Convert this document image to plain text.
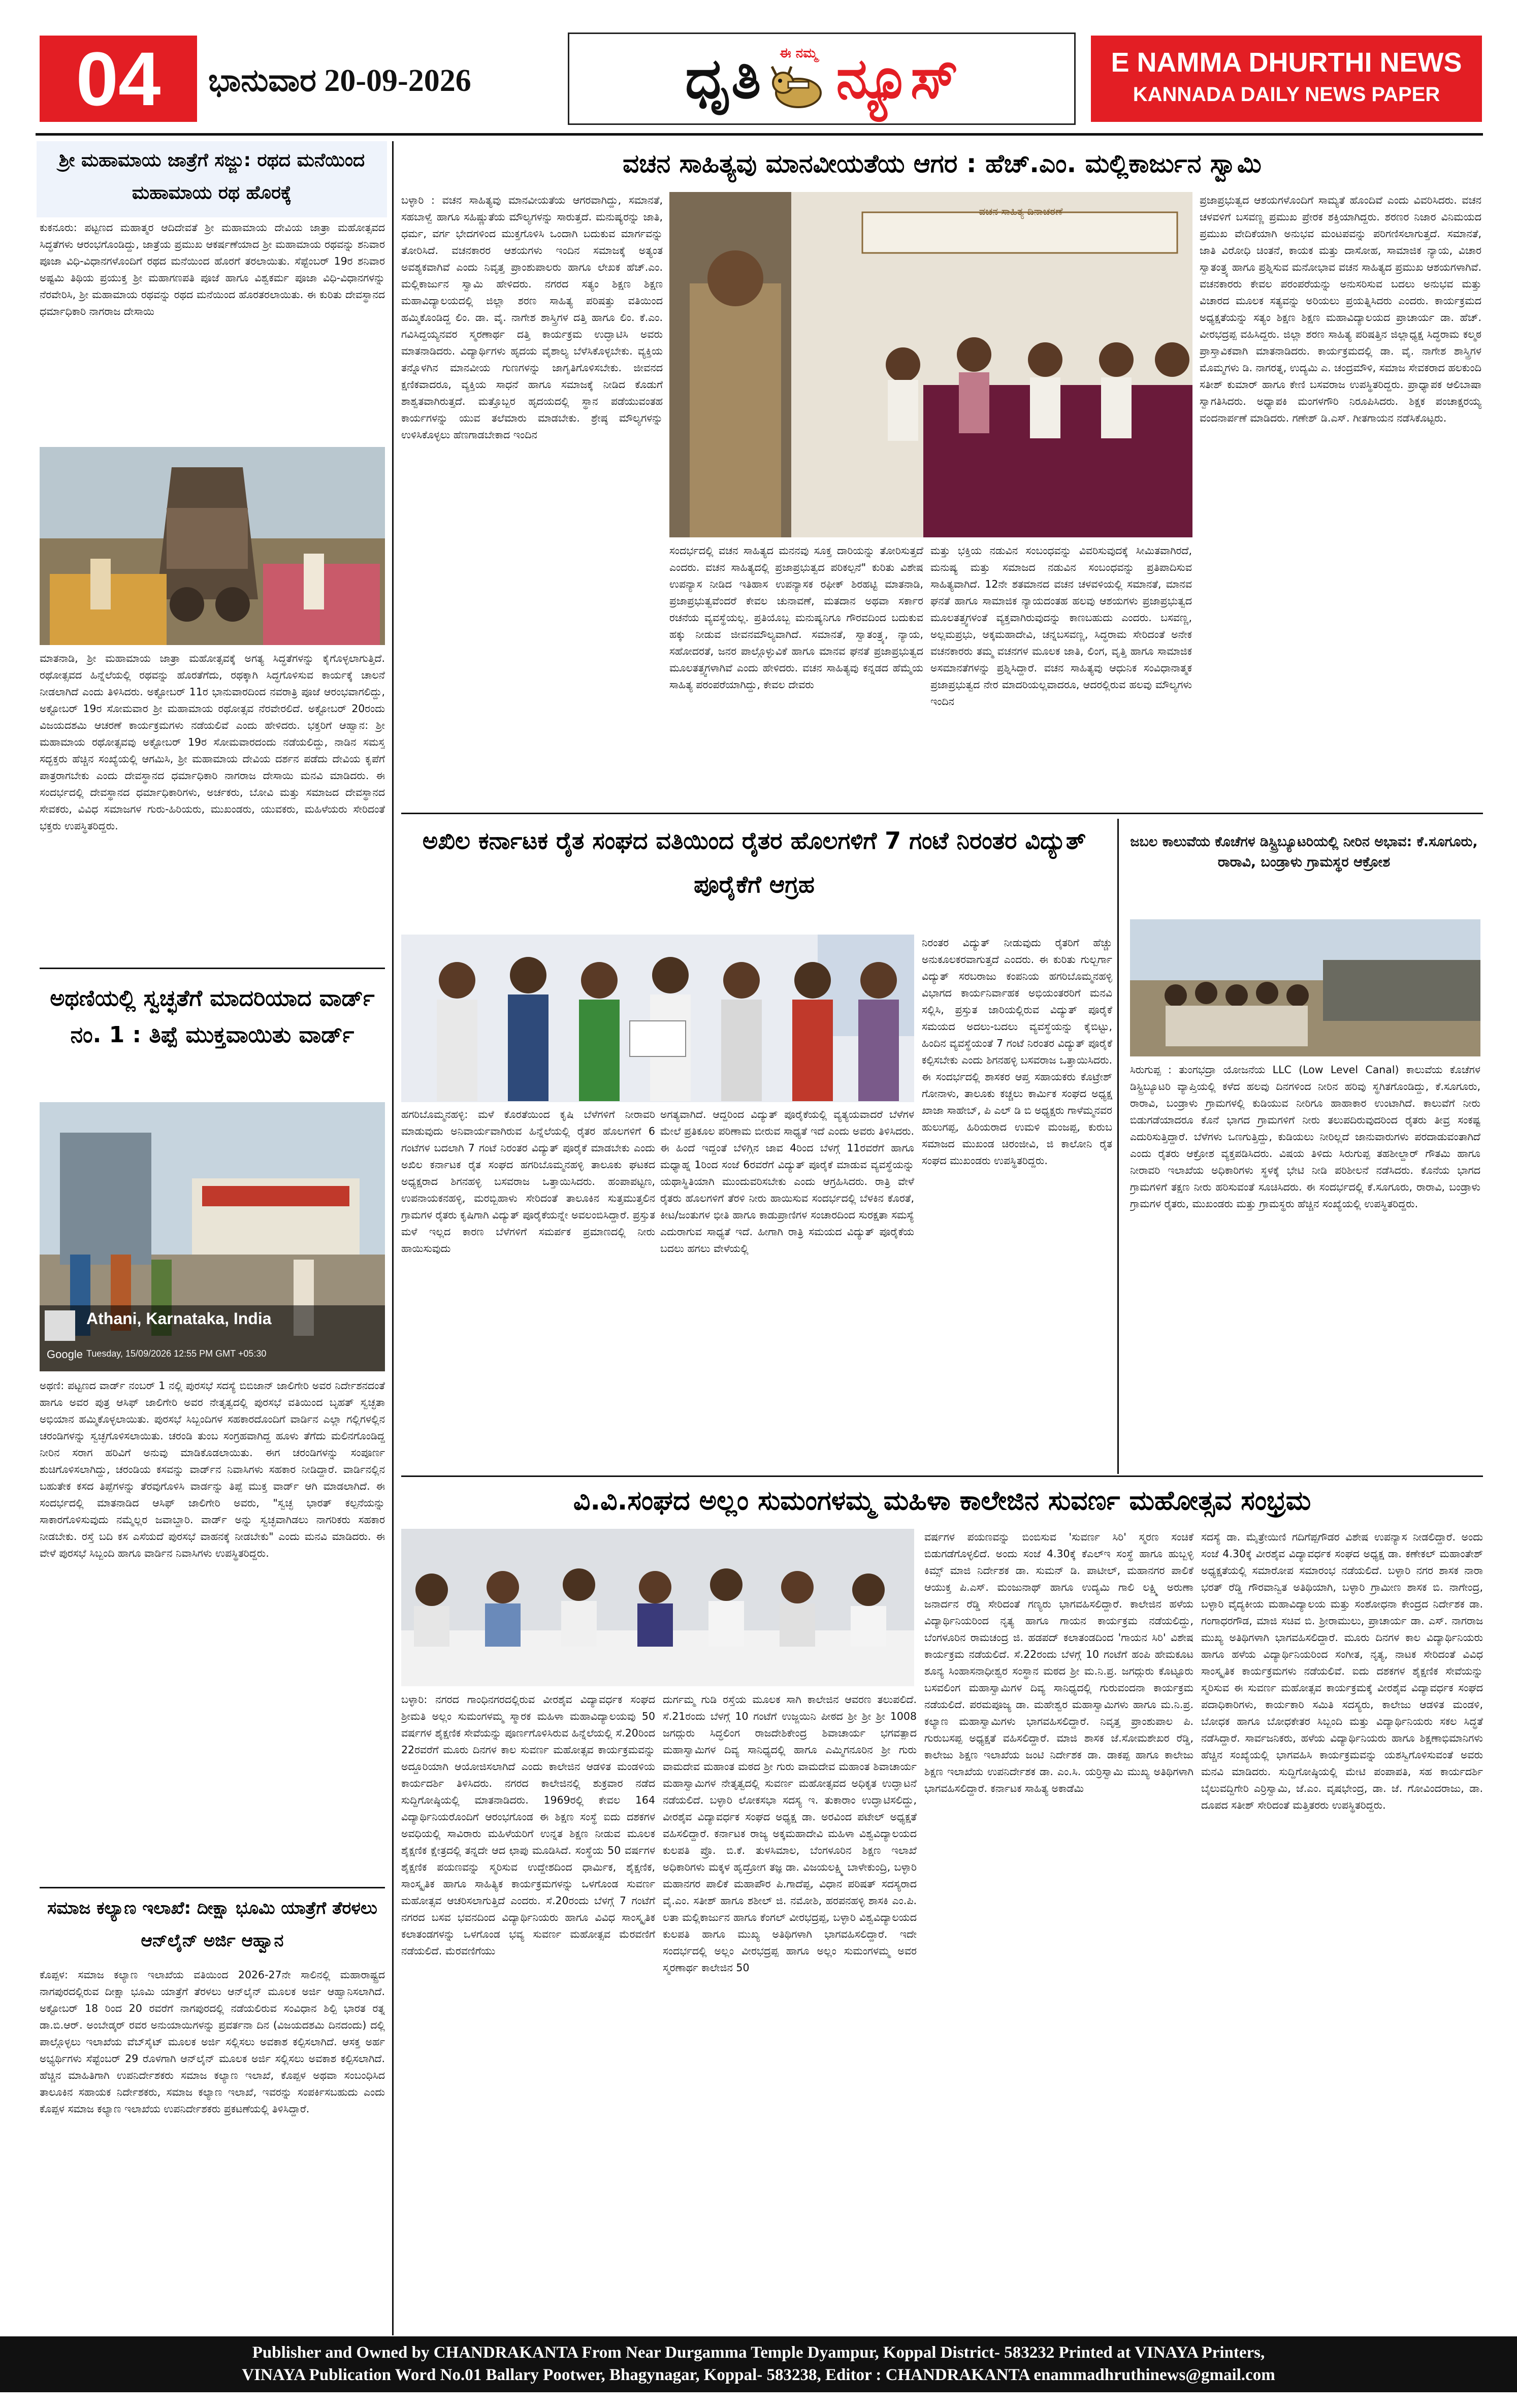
04	ಭಾನುವಾರ 20-09-2026	ಧೃತಿ ಈ ನಮ್ಮ ನ್ಯೂಸ್	E NAMMA DHURTHI NEWS
KANNADA DAILY NEWS PAPER
ಶ್ರೀ ಮಹಾಮಾಯ ಜಾತ್ರೆಗೆ ಸಜ್ಜು: ರಥದ ಮನೆಯಿಂದ ಮಹಾಮಾಯ ರಥ ಹೊರಕ್ಕೆ
ಕುಕನೂರು: ಪಟ್ಟಣದ ಮಹಾತ್ಮರ ಆದಿದೇವತೆ ಶ್ರೀ ಮಹಾಮಾಯ ದೇವಿಯ ಜಾತ್ರಾ ಮಹೋತ್ಸವದ ಸಿದ್ಧತೆಗಳು ಆರಂಭಗೊಂಡಿದ್ದು, ಜಾತ್ರೆಯ ಪ್ರಮುಖ ಆಕರ್ಷಣೆಯಾದ ಶ್ರೀ ಮಹಾಮಾಯ ರಥವನ್ನು ಶನಿವಾರ ಪೂಜಾ ವಿಧಿ-ವಿಧಾನಗಳೊಂದಿಗೆ ರಥದ ಮನೆಯಿಂದ ಹೊರಗೆ ತರಲಾಯಿತು. ಸೆಪ್ಟೆಂಬರ್ 19ರ ಶನಿವಾರ ಅಷ್ಟಮಿ ತಿಥಿಯ ಪ್ರಯುಕ್ತ ಶ್ರೀ ಮಹಾಗಣಪತಿ ಪೂಜೆ ಹಾಗೂ ವಿಶ್ವಕರ್ಮ ಪೂಜಾ ವಿಧಿ-ವಿಧಾನಗಳನ್ನು ನೆರವೇರಿಸಿ, ಶ್ರೀ ಮಹಾಮಾಯ ರಥವನ್ನು ರಥದ ಮನೆಯಿಂದ ಹೊರತರಲಾಯಿತು. ಈ ಕುರಿತು ದೇವಸ್ಥಾನದ ಧರ್ಮಾಧಿಕಾರಿ ನಾಗರಾಜ ದೇಸಾಯಿ
ಮಾತನಾಡಿ, ಶ್ರೀ ಮಹಾಮಾಯ ಜಾತ್ರಾ ಮಹೋತ್ಸವಕ್ಕೆ ಅಗತ್ಯ ಸಿದ್ಧತೆಗಳನ್ನು ಕೈಗೊಳ್ಳಲಾಗುತ್ತಿದೆ. ರಥೋತ್ಸವದ ಹಿನ್ನೆಲೆಯಲ್ಲಿ ರಥವನ್ನು ಹೊರತೆಗೆದು, ರಥಕ್ಕಾಗಿ ಸಿದ್ಧಗೊಳಿಸುವ ಕಾರ್ಯಕ್ಕೆ ಚಾಲನೆ ನೀಡಲಾಗಿದೆ ಎಂದು ತಿಳಿಸಿದರು. ಅಕ್ಟೋಬರ್ 11ರ ಭಾನುವಾರದಿಂದ ನವರಾತ್ರಿ ಪೂಜೆ ಆರಂಭವಾಗಲಿದ್ದು, ಅಕ್ಟೋಬರ್ 19ರ ಸೋಮವಾರ ಶ್ರೀ ಮಹಾಮಾಯ ರಥೋತ್ಸವ ನೆರವೇರಲಿದೆ. ಅಕ್ಟೋಬರ್ 20ರಂದು ವಿಜಯದಶಮಿ ಆಚರಣೆ ಕಾರ್ಯಕ್ರಮಗಳು ನಡೆಯಲಿವೆ ಎಂದು ಹೇಳಿದರು. ಭಕ್ತರಿಗೆ ಆಹ್ವಾನ: ಶ್ರೀ ಮಹಾಮಾಯ ರಥೋತ್ಸವವು ಅಕ್ಟೋಬರ್ 19ರ ಸೋಮವಾರದಂದು ನಡೆಯಲಿದ್ದು, ನಾಡಿನ ಸಮಸ್ತ ಸದ್ಭಕ್ತರು ಹೆಚ್ಚಿನ ಸಂಖ್ಯೆಯಲ್ಲಿ ಆಗಮಿಸಿ, ಶ್ರೀ ಮಹಾಮಾಯ ದೇವಿಯ ದರ್ಶನ ಪಡೆದು ದೇವಿಯ ಕೃಪೆಗೆ ಪಾತ್ರರಾಗಬೇಕು ಎಂದು ದೇವಸ್ಥಾನದ ಧರ್ಮಾಧಿಕಾರಿ ನಾಗರಾಜ ದೇಸಾಯಿ ಮನವಿ ಮಾಡಿದರು. ಈ ಸಂದರ್ಭದಲ್ಲಿ ದೇವಸ್ಥಾನದ ಧರ್ಮಾಧಿಕಾರಿಗಳು, ಅರ್ಚಕರು, ಬೋವಿ ಮತ್ತು ಸಮಾಜದ ದೇವಸ್ಥಾನದ ಸೇವಕರು, ವಿವಿಧ ಸಮಾಜಗಳ ಗುರು-ಹಿರಿಯರು, ಮುಖಂಡರು, ಯುವಕರು, ಮಹಿಳೆಯರು ಸೇರಿದಂತೆ ಭಕ್ತರು ಉಪಸ್ಥಿತರಿದ್ದರು.
ಅಥಣಿಯಲ್ಲಿ ಸ್ವಚ್ಛತೆಗೆ ಮಾದರಿಯಾದ ವಾರ್ಡ್ ನಂ. 1 : ತಿಪ್ಪೆ ಮುಕ್ತವಾಯಿತು ವಾರ್ಡ್
Athani, Karnataka, India
Tuesday, 15/09/2026 12:55 PM GMT +05:30
Google
ಅಥಣಿ: ಪಟ್ಟಣದ ವಾರ್ಡ್ ನಂಬರ್ 1 ನಲ್ಲಿ ಪುರಸಭೆ ಸದಸ್ಯೆ ಬಿಬಿಜಾನ್ ಜಾಲಿಗೇರಿ ಅವರ ನಿರ್ದೇಶನದಂತೆ ಹಾಗೂ ಅವರ ಪುತ್ರ ಆಸಿಫ್ ಜಾಲಿಗೇರಿ ಅವರ ನೇತೃತ್ವದಲ್ಲಿ ಪುರಸಭೆ ವತಿಯಿಂದ ಬೃಹತ್ ಸ್ವಚ್ಛತಾ ಅಭಿಯಾನ ಹಮ್ಮಿಕೊಳ್ಳಲಾಯಿತು. ಪುರಸಭೆ ಸಿಬ್ಬಂದಿಗಳ ಸಹಕಾರದೊಂದಿಗೆ ವಾರ್ಡಿನ ಎಲ್ಲಾ ಗಲ್ಲಿಗಳಲ್ಲಿನ ಚರಂಡಿಗಳನ್ನು ಸ್ವಚ್ಛಗೊಳಿಸಲಾಯಿತು. ಚರಂಡಿ ತುಂಬ ಸಂಗ್ರಹವಾಗಿದ್ದ ಹೂಳು ತೆಗೆದು ಮಲಿನಗೊಂಡಿದ್ದ ನೀರಿನ ಸರಾಗ ಹರಿವಿಗೆ ಅನುವು ಮಾಡಿಕೊಡಲಾಯಿತು. ಈಗ ಚರಂಡಿಗಳನ್ನು ಸಂಪೂರ್ಣ ಶುಚಿಗೊಳಿಸಲಾಗಿದ್ದು, ಚರಂಡಿಯ ಕಸವನ್ನು ವಾರ್ಡ್‌ನ ನಿವಾಸಿಗಳು ಸಹಕಾರ ನೀಡಿದ್ದಾರೆ. ವಾರ್ಡಿನಲ್ಲಿನ ಬಹುತೇಕ ಕಸದ ತಿಪ್ಪೆಗಳನ್ನು ತೆರವುಗೊಳಿಸಿ ವಾರ್ಡನ್ನು ತಿಪ್ಪೆ ಮುಕ್ತ ವಾರ್ಡ್ ಆಗಿ ಮಾಡಲಾಗಿದೆ. ಈ ಸಂದರ್ಭದಲ್ಲಿ ಮಾತನಾಡಿದ ಆಸಿಫ್ ಜಾಲಿಗೇರಿ ಅವರು, "ಸ್ವಚ್ಛ ಭಾರತ್ ಕಲ್ಪನೆಯನ್ನು ಸಾಕಾರಗೊಳಿಸುವುದು ನಮ್ಮೆಲ್ಲರ ಜವಾಬ್ದಾರಿ. ವಾರ್ಡ್ ಅನ್ನು ಸ್ವಚ್ಛವಾಗಿಡಲು ನಾಗರಿಕರು ಸಹಕಾರ ನೀಡಬೇಕು. ರಸ್ತೆ ಬದಿ ಕಸ ಎಸೆಯದೆ ಪುರಸಭೆ ವಾಹನಕ್ಕೆ ನೀಡಬೇಕು" ಎಂದು ಮನವಿ ಮಾಡಿದರು. ಈ ವೇಳೆ ಪುರಸಭೆ ಸಿಬ್ಬಂದಿ ಹಾಗೂ ವಾರ್ಡಿನ ನಿವಾಸಿಗಳು ಉಪಸ್ಥಿತರಿದ್ದರು.
ಸಮಾಜ ಕಲ್ಯಾಣ ಇಲಾಖೆ: ದೀಕ್ಷಾ ಭೂಮಿ ಯಾತ್ರೆಗೆ ತೆರಳಲು ಆನ್‌ಲೈನ್ ಅರ್ಜಿ ಆಹ್ವಾನ
ಕೊಪ್ಪಳ: ಸಮಾಜ ಕಲ್ಯಾಣ ಇಲಾಖೆಯ ವತಿಯಿಂದ 2026-27ನೇ ಸಾಲಿನಲ್ಲಿ ಮಹಾರಾಷ್ಟ್ರದ ನಾಗಪುರದಲ್ಲಿರುವ ದೀಕ್ಷಾ ಭೂಮಿ ಯಾತ್ರೆಗೆ ತೆರಳಲು ಆನ್‌ಲೈನ್ ಮೂಲಕ ಅರ್ಜಿ ಆಹ್ವಾನಿಸಲಾಗಿದೆ. ಅಕ್ಟೋಬರ್ 18 ರಿಂದ 20 ರವರೆಗೆ ನಾಗಪುರದಲ್ಲಿ ನಡೆಯಲಿರುವ ಸಂವಿಧಾನ ಶಿಲ್ಪಿ ಭಾರತ ರತ್ನ ಡಾ.ಬಿ.ಆರ್. ಅಂಬೇಡ್ಕರ್ ರವರ ಅನುಯಾಯಿಗಳನ್ನು ಪ್ರವರ್ತನಾ ದಿನ (ವಿಜಯದಶಮಿ ದಿನದಂದು) ದಲ್ಲಿ ಪಾಲ್ಗೊಳ್ಳಲು ಇಲಾಖೆಯ ವೆಬ್‌ಸೈಟ್ ಮೂಲಕ ಅರ್ಜಿ ಸಲ್ಲಿಸಲು ಅವಕಾಶ ಕಲ್ಪಿಸಲಾಗಿದೆ. ಆಸಕ್ತ ಅರ್ಹ ಅಭ್ಯರ್ಥಿಗಳು ಸೆಪ್ಟೆಂಬರ್ 29 ರೊಳಗಾಗಿ ಆನ್‌ಲೈನ್ ಮೂಲಕ ಅರ್ಜಿ ಸಲ್ಲಿಸಲು ಅವಕಾಶ ಕಲ್ಪಿಸಲಾಗಿದೆ. ಹೆಚ್ಚಿನ ಮಾಹಿತಿಗಾಗಿ ಉಪನಿರ್ದೇಶಕರು ಸಮಾಜ ಕಲ್ಯಾಣ ಇಲಾಖೆ, ಕೊಪ್ಪಳ ಅಥವಾ ಸಂಬಂಧಿಸಿದ ತಾಲೂಕಿನ ಸಹಾಯಕ ನಿರ್ದೇಶಕರು, ಸಮಾಜ ಕಲ್ಯಾಣ ಇಲಾಖೆ, ಇವರನ್ನು ಸಂಪರ್ಕಿಸಬಹುದು ಎಂದು ಕೊಪ್ಪಳ ಸಮಾಜ ಕಲ್ಯಾಣ ಇಲಾಖೆಯ ಉಪನಿರ್ದೇಶಕರು ಪ್ರಕಟಣೆಯಲ್ಲಿ ತಿಳಿಸಿದ್ದಾರೆ.
ವಚನ ಸಾಹಿತ್ಯವು ಮಾನವೀಯತೆಯ ಆಗರ : ಹೆಚ್.ಎಂ. ಮಲ್ಲಿಕಾರ್ಜುನ ಸ್ವಾಮಿ
ಬಳ್ಳಾರಿ : ವಚನ ಸಾಹಿತ್ಯವು ಮಾನವೀಯತೆಯ ಆಗರವಾಗಿದ್ದು, ಸಮಾನತೆ, ಸಹಬಾಳ್ವೆ ಹಾಗೂ ಸಹಿಷ್ಣುತೆಯ ಮೌಲ್ಯಗಳನ್ನು ಸಾರುತ್ತದೆ. ಮನುಷ್ಯರನ್ನು ಜಾತಿ, ಧರ್ಮ, ವರ್ಗ ಭೇದಗಳಿಂದ ಮುಕ್ತಗೊಳಿಸಿ ಒಂದಾಗಿ ಬದುಕುವ ಮಾರ್ಗವನ್ನು ತೋರಿಸಿದೆ. ವಚನಕಾರರ ಆಶಯಗಳು ಇಂದಿನ ಸಮಾಜಕ್ಕೆ ಅತ್ಯಂತ ಅವಶ್ಯಕವಾಗಿವೆ ಎಂದು ನಿವೃತ್ತ ಪ್ರಾಂಶುಪಾಲರು ಹಾಗೂ ಲೇಖಕ ಹೆಚ್.ಎಂ. ಮಲ್ಲಿಕಾರ್ಜುನ ಸ್ವಾಮಿ ಹೇಳಿದರು. ನಗರದ ಸತ್ಯಂ ಶಿಕ್ಷಣ ಶಿಕ್ಷಣ ಮಹಾವಿದ್ಯಾಲಯದಲ್ಲಿ ಜಿಲ್ಲಾ ಶರಣ ಸಾಹಿತ್ಯ ಪರಿಷತ್ತು ವತಿಯಿಂದ ಹಮ್ಮಿಕೊಂಡಿದ್ದ ಲಿಂ. ಡಾ. ವೈ. ನಾಗೇಶ ಶಾಸ್ತ್ರಿಗಳ ದತ್ತಿ ಹಾಗೂ ಲಿಂ. ಕೆ.ಎಂ. ಗವಿಸಿದ್ದಯ್ಯನವರ ಸ್ಮರಣಾರ್ಥ ದತ್ತಿ ಕಾರ್ಯಕ್ರಮ ಉದ್ಘಾಟಿಸಿ ಅವರು ಮಾತನಾಡಿದರು. ವಿದ್ಯಾರ್ಥಿಗಳು ಹೃದಯ ವೈಶಾಲ್ಯ ಬೆಳೆಸಿಕೊಳ್ಳಬೇಕು. ವ್ಯಕ್ತಿಯ ತನ್ನೊಳಗಿನ ಮಾನವೀಯ ಗುಣಗಳನ್ನು ಜಾಗೃತಿಗೊಳಿಸಬೇಕು. ಜೀವನದ ಕ್ಷಣಿಕವಾದರೂ, ವ್ಯಕ್ತಿಯ ಸಾಧನೆ ಹಾಗೂ ಸಮಾಜಕ್ಕೆ ನೀಡಿದ ಕೊಡುಗೆ ಶಾಶ್ವತವಾಗಿರುತ್ತದೆ. ಮತ್ತೊಬ್ಬರ ಹೃದಯದಲ್ಲಿ ಸ್ಥಾನ ಪಡೆಯುವಂತಹ ಕಾರ್ಯಗಳನ್ನು ಯುವ ತಲೆಮಾರು ಮಾಡಬೇಕು. ಶ್ರೇಷ್ಠ ಮೌಲ್ಯಗಳನ್ನು ಉಳಿಸಿಕೊಳ್ಳಲು ಹೆಣಗಾಡಬೇಕಾದ ಇಂದಿನ
ವಚನ ಸಾಹಿತ್ಯ ದಿನಾಚರಣೆ
ಸಂದರ್ಭದಲ್ಲಿ ವಚನ ಸಾಹಿತ್ಯದ ಮನನವು ಸೂಕ್ತ ದಾರಿಯನ್ನು ತೋರಿಸುತ್ತದೆ ಎಂದರು. ವಚನ ಸಾಹಿತ್ಯದಲ್ಲಿ ಪ್ರಜಾಪ್ರಭುತ್ವದ ಪರಿಕಲ್ಪನೆ" ಕುರಿತು ವಿಶೇಷ ಉಪನ್ಯಾಸ ನೀಡಿದ ಇತಿಹಾಸ ಉಪನ್ಯಾಸಕ ರಫೀಕ್ ಶಿರಹಟ್ಟಿ ಮಾತನಾಡಿ, ಪ್ರಜಾಪ್ರಭುತ್ವವೆಂದರೆ ಕೇವಲ ಚುನಾವಣೆ, ಮತದಾನ ಅಥವಾ ಸರ್ಕಾರ ರಚನೆಯ ವ್ಯವಸ್ಥೆಯಲ್ಲ. ಪ್ರತಿಯೊಬ್ಬ ಮನುಷ್ಯನಿಗೂ ಗೌರವದಿಂದ ಬದುಕುವ ಹಕ್ಕು ನೀಡುವ ಜೀವನಮೌಲ್ಯವಾಗಿದೆ. ಸಮಾನತೆ, ಸ್ವಾತಂತ್ರ್ಯ, ನ್ಯಾಯ, ಸಹೋದರತೆ, ಜನರ ಪಾಲ್ಗೊಳ್ಳುವಿಕೆ ಹಾಗೂ ಮಾನವ ಘನತೆ ಪ್ರಜಾಪ್ರಭುತ್ವದ ಮೂಲತತ್ತ್ವಗಳಾಗಿವೆ ಎಂದು ಹೇಳಿದರು. ವಚನ ಸಾಹಿತ್ಯವು ಕನ್ನಡದ ಹೆಮ್ಮೆಯ ಸಾಹಿತ್ಯ ಪರಂಪರೆಯಾಗಿದ್ದು, ಕೇವಲ ದೇವರು
ಮತ್ತು ಭಕ್ತಿಯ ನಡುವಿನ ಸಂಬಂಧವನ್ನು ವಿವರಿಸುವುದಕ್ಕೆ ಸೀಮಿತವಾಗಿರದೆ, ಮನುಷ್ಯ ಮತ್ತು ಸಮಾಜದ ನಡುವಿನ ಸಂಬಂಧವನ್ನು ಪ್ರತಿಪಾದಿಸುವ ಸಾಹಿತ್ಯವಾಗಿದೆ. 12ನೇ ಶತಮಾನದ ವಚನ ಚಳವಳಿಯಲ್ಲಿ ಸಮಾನತೆ, ಮಾನವ ಘನತೆ ಹಾಗೂ ಸಾಮಾಜಿಕ ನ್ಯಾಯದಂತಹ ಹಲವು ಆಶಯಗಳು ಪ್ರಜಾಪ್ರಭುತ್ವದ ಮೂಲತತ್ತ್ವಗಳಂತೆ ವ್ಯಕ್ತವಾಗಿರುವುದನ್ನು ಕಾಣಬಹುದು ಎಂದರು. ಬಸವಣ್ಣ, ಅಲ್ಲಮಪ್ರಭು, ಅಕ್ಕಮಹಾದೇವಿ, ಚನ್ನಬಸವಣ್ಣ, ಸಿದ್ಧರಾಮ ಸೇರಿದಂತೆ ಅನೇಕ ವಚನಕಾರರು ತಮ್ಮ ವಚನಗಳ ಮೂಲಕ ಜಾತಿ, ಲಿಂಗ, ವೃತ್ತಿ ಹಾಗೂ ಸಾಮಾಜಿಕ ಅಸಮಾನತೆಗಳನ್ನು ಪ್ರಶ್ನಿಸಿದ್ದಾರೆ. ವಚನ ಸಾಹಿತ್ಯವು ಆಧುನಿಕ ಸಂವಿಧಾನಾತ್ಮಕ ಪ್ರಜಾಪ್ರಭುತ್ವದ ನೇರ ಮಾದರಿಯಲ್ಲವಾದರೂ, ಆದರಲ್ಲಿರುವ ಹಲವು ಮೌಲ್ಯಗಳು ಇಂದಿನ
ಪ್ರಜಾಪ್ರಭುತ್ವದ ಆಶಯಗಳೊಂದಿಗೆ ಸಾಮ್ಯತೆ ಹೊಂದಿವೆ ಎಂದು ವಿವರಿಸಿದರು. ವಚನ ಚಳವಳಿಗೆ ಬಸವಣ್ಣ ಪ್ರಮುಖ ಪ್ರೇರಕ ಶಕ್ತಿಯಾಗಿದ್ದರು. ಶರಣರ ನಿಜಾರ ವಿನಿಮಯದ ಪ್ರಮುಖ ವೇದಿಕೆಯಾಗಿ ಅನುಭವ ಮಂಟಪವನ್ನು ಪರಿಗಣಿಸಲಾಗುತ್ತದೆ. ಸಮಾನತೆ, ಜಾತಿ ವಿರೋಧಿ ಚಿಂತನೆ, ಕಾಯಕ ಮತ್ತು ದಾಸೋಹ, ಸಾಮಾಜಿಕ ನ್ಯಾಯ, ವಿಚಾರ ಸ್ವಾತಂತ್ರ್ಯ ಹಾಗೂ ಪ್ರಶ್ನಿಸುವ ಮನೋಭಾವ ವಚನ ಸಾಹಿತ್ಯದ ಪ್ರಮುಖ ಆಶಯಗಳಾಗಿವೆ. ವಚನಕಾರರು ಕೇವಲ ಪರಂಪರೆಯನ್ನು ಅನುಸರಿಸುವ ಬದಲು ಅನುಭವ ಮತ್ತು ವಿಚಾರದ ಮೂಲಕ ಸತ್ಯವನ್ನು ಅರಿಯಲು ಪ್ರಯತ್ನಿಸಿದರು ಎಂದರು. ಕಾರ್ಯಕ್ರಮದ ಅಧ್ಯಕ್ಷತೆಯನ್ನು ಸತ್ಯಂ ಶಿಕ್ಷಣ ಶಿಕ್ಷಣ ಮಹಾವಿದ್ಯಾಲಯದ ಪ್ರಾಚಾರ್ಯ ಡಾ. ಹೆಚ್. ವೀರಭದ್ರಪ್ಪ ವಹಿಸಿದ್ದರು. ಜಿಲ್ಲಾ ಶರಣ ಸಾಹಿತ್ಯ ಪರಿಷತ್ತಿನ ಜಿಲ್ಲಾಧ್ಯಕ್ಷ ಸಿದ್ಧರಾಮ ಕಲ್ಮಠ ಪ್ರಾಸ್ತಾವಿಕವಾಗಿ ಮಾತನಾಡಿದರು. ಕಾರ್ಯಕ್ರಮದಲ್ಲಿ ಡಾ. ವೈ. ನಾಗೇಶ ಶಾಸ್ತ್ರಿಗಳ ಮೊಮ್ಮಗಳು ಡಿ. ನಾಗರತ್ನ, ಉದ್ಯಮಿ ಎ. ಚಂದ್ರಮೌಳಿ, ಸಮಾಜ ಸೇವಕರಾದ ಹಲಕುಂದಿ ಸತೀಶ್ ಕುಮಾರ್ ಹಾಗೂ ಕೇಣಿ ಬಸವರಾಜ ಉಪಸ್ಥಿತರಿದ್ದರು. ಪ್ರಾಧ್ಯಾಪಕ ಆಲಿಬಾಷಾ ಸ್ವಾಗತಿಸಿದರು. ಅಧ್ಯಾಪಕಿ ಮಂಗಳಗೌರಿ ನಿರೂಪಿಸಿದರು. ಶಿಕ್ಷಕ ಪಂಚಾಕ್ಷರಯ್ಯ ವಂದನಾರ್ಪಣೆ ಮಾಡಿದರು. ಗಣೇಶ್ ಡಿ.ಎಸ್. ಗೀತಗಾಯನ ನಡೆಸಿಕೊಟ್ಟರು.
ಅಖಿಲ ಕರ್ನಾಟಕ ರೈತ ಸಂಘದ ವತಿಯಿಂದ ರೈತರ ಹೊಲಗಳಿಗೆ 7 ಗಂಟೆ ನಿರಂತರ ವಿದ್ಯುತ್ ಪೂರೈಕೆಗೆ ಆಗ್ರಹ
ಹಗರಿಬೊಮ್ಮನಹಳ್ಳಿ: ಮಳೆ ಕೊರತೆಯಿಂದ ಕೃಷಿ ಬೆಳೆಗಳಿಗೆ ನೀರಾವರಿ ಮಾಡುವುದು ಅನಿವಾರ್ಯವಾಗಿರುವ ಹಿನ್ನೆಲೆಯಲ್ಲಿ ರೈತರ ಹೊಲಗಳಿಗೆ 6 ಗಂಟೆಗಳ ಬದಲಾಗಿ 7 ಗಂಟೆ ನಿರಂತರ ವಿದ್ಯುತ್ ಪೂರೈಕೆ ಮಾಡಬೇಕು ಎಂದು ಅಖಿಲ ಕರ್ನಾಟಕ ರೈತ ಸಂಘದ ಹಗರಿಬೊಮ್ಮನಹಳ್ಳಿ ತಾಲೂಕು ಘಟಕದ ಅಧ್ಯಕ್ಷರಾದ ಶಿಗನಹಳ್ಳಿ ಬಸವರಾಜ ಒತ್ತಾಯಿಸಿದರು. ಹಂಪಾಪಟ್ಟಣ, ಉಪನಾಯಕನಹಳ್ಳಿ, ಮರಬ್ಬಿಹಾಳು ಸೇರಿದಂತೆ ತಾಲೂಕಿನ ಸುತ್ತಮುತ್ತಲಿನ ಗ್ರಾಮಗಳ ರೈತರು ಕೃಷಿಗಾಗಿ ವಿದ್ಯುತ್ ಪೂರೈಕೆಯನ್ನೇ ಅವಲಂಬಿಸಿದ್ದಾರೆ. ಪ್ರಸ್ತುತ ಮಳೆ ಇಲ್ಲದ ಕಾರಣ ಬೆಳೆಗಳಿಗೆ ಸಮರ್ಪಕ ಪ್ರಮಾಣದಲ್ಲಿ ನೀರು ಹಾಯಿಸುವುದು
ಅಗತ್ಯವಾಗಿದೆ. ಆದ್ದರಿಂದ ವಿದ್ಯುತ್ ಪೂರೈಕೆಯಲ್ಲಿ ವ್ಯತ್ಯಯವಾದರೆ ಬೆಳೆಗಳ ಮೇಲೆ ಪ್ರತಿಕೂಲ ಪರಿಣಾಮ ಬೀರುವ ಸಾಧ್ಯತೆ ಇದೆ ಎಂದು ಅವರು ತಿಳಿಸಿದರು. ಈ ಹಿಂದೆ ಇದ್ದಂತೆ ಬೆಳಿಗ್ಗಿನ ಜಾವ 4ರಿಂದ ಬೆಳಗ್ಗೆ 11ರವರೆಗೆ ಹಾಗೂ ಮಧ್ಯಾಹ್ನ 1ರಿಂದ ಸಂಜೆ 6ರವರೆಗೆ ವಿದ್ಯುತ್ ಪೂರೈಕೆ ಮಾಡುವ ವ್ಯವಸ್ಥೆಯನ್ನು ಯಥಾಸ್ಥಿತಿಯಾಗಿ ಮುಂದುವರಿಸಬೇಕು ಎಂದು ಆಗ್ರಹಿಸಿದರು. ರಾತ್ರಿ ವೇಳೆ ರೈತರು ಹೊಲಗಳಿಗೆ ತೆರಳಿ ನೀರು ಹಾಯಿಸುವ ಸಂದರ್ಭದಲ್ಲಿ ಬೆಳಕಿನ ಕೊರತೆ, ಕೀಟ/ಜಂತುಗಳ ಭೀತಿ ಹಾಗೂ ಕಾಡುಪ್ರಾಣಿಗಳ ಸಂಚಾರದಿಂದ ಸುರಕ್ಷತಾ ಸಮಸ್ಯೆ ಎದುರಾಗುವ ಸಾಧ್ಯತೆ ಇದೆ. ಹೀಗಾಗಿ ರಾತ್ರಿ ಸಮಯದ ವಿದ್ಯುತ್ ಪೂರೈಕೆಯ ಬದಲು ಹಗಲು ವೇಳೆಯಲ್ಲಿ
ನಿರಂತರ ವಿದ್ಯುತ್ ನೀಡುವುದು ರೈತರಿಗೆ ಹೆಚ್ಚು ಅನುಕೂಲಕರವಾಗುತ್ತದೆ ಎಂದರು. ಈ ಕುರಿತು ಗುಲ್ಬರ್ಗಾ ವಿದ್ಯುತ್ ಸರಬರಾಜು ಕಂಪನಿಯ ಹಗರಿಬೊಮ್ಮನಹಳ್ಳಿ ವಿಭಾಗದ ಕಾರ್ಯನಿರ್ವಾಹಕ ಅಭಿಯಂತರರಿಗೆ ಮನವಿ ಸಲ್ಲಿಸಿ, ಪ್ರಸ್ತುತ ಜಾರಿಯಲ್ಲಿರುವ ವಿದ್ಯುತ್ ಪೂರೈಕೆ ಸಮಯದ ಅದಲು-ಬದಲು ವ್ಯವಸ್ಥೆಯನ್ನು ಕೈಬಿಟ್ಟು, ಹಿಂದಿನ ವ್ಯವಸ್ಥೆಯಂತೆ 7 ಗಂಟೆ ನಿರಂತರ ವಿದ್ಯುತ್ ಪೂರೈಕೆ ಕಲ್ಪಿಸಬೇಕು ಎಂದು ಶಿಗನಹಳ್ಳಿ ಬಸವರಾಜ ಒತ್ತಾಯಿಸಿದರು. ಈ ಸಂದರ್ಭದಲ್ಲಿ ಶಾಸಕರ ಆಪ್ತ ಸಹಾಯಕರು ಕೊಟ್ರೇಶ್ ಗೋನಾಳು, ತಾಲೂಕು ಕಚ್ಚಲು ಕಾರ್ಮಿಕ ಸಂಘದ ಅಧ್ಯಕ್ಷ ಖಾಜಾ ಸಾಹೇಬ್, ಪಿ ಎಲ್ ಡಿ ಬಿ ಅಧ್ಯಕ್ಷರು ಗಾಳೆಮ್ಮನವರ ಹುಲುಗಪ್ಪ, ಹಿರಿಯರಾದ ಉಮಳಿ ಮಂಜಪ್ಪ, ಕುರುಬ ಸಮಾಜದ ಮುಖಂಡ ಚಿರಂಜೀವಿ, ಜಿ ಕಾಲೋನಿ ರೈತ ಸಂಘದ ಮುಖಂಡರು ಉಪಸ್ಥಿತರಿದ್ದರು.
ಜಬಲ ಕಾಲುವೆಯ ಕೊಚೆಗಳ ಡಿಸ್ಟ್ರಿಬ್ಯೂಟರಿಯಲ್ಲಿ ನೀರಿನ ಅಭಾವ: ಕೆ.ಸೂಗೂರು, ರಾರಾವಿ, ಬಂಡ್ರಾಳು ಗ್ರಾಮಸ್ಥರ ಆಕ್ರೋಶ
ಸಿರುಗುಪ್ಪ : ತುಂಗಭದ್ರಾ ಯೋಜನೆಯ LLC (Low Level Canal) ಕಾಲುವೆಯ ಕೊಚೆಗಳ ಡಿಸ್ಟ್ರಿಬ್ಯೂಟರಿ ವ್ಯಾಪ್ತಿಯಲ್ಲಿ ಕಳೆದ ಹಲವು ದಿನಗಳಿಂದ ನೀರಿನ ಹರಿವು ಸ್ಥಗಿತಗೊಂಡಿದ್ದು, ಕೆ.ಸೂಗೂರು, ರಾರಾವಿ, ಬಂಡ್ರಾಳು ಗ್ರಾಮಗಳಲ್ಲಿ ಕುಡಿಯುವ ನೀರಿಗೂ ಹಾಹಾಕಾರ ಉಂಟಾಗಿದೆ. ಕಾಲುವೆಗೆ ನೀರು ಬಿಡುಗಡೆಯಾದರೂ ಕೊನೆ ಭಾಗದ ಗ್ರಾಮಗಳಿಗೆ ನೀರು ತಲುಪದಿರುವುದರಿಂದ ರೈತರು ತೀವ್ರ ಸಂಕಷ್ಟ ಎದುರಿಸುತ್ತಿದ್ದಾರೆ. ಬೆಳೆಗಳು ಒಣಗುತ್ತಿದ್ದು, ಕುಡಿಯಲು ನೀರಿಲ್ಲದೆ ಜಾನುವಾರುಗಳು ಪರದಾಡುವಂತಾಗಿದೆ ಎಂದು ರೈತರು ಆಕ್ರೋಶ ವ್ಯಕ್ತಪಡಿಸಿದರು. ವಿಷಯ ತಿಳಿದು ಸಿರುಗುಪ್ಪ ತಹಶೀಲ್ದಾರ್ ಗೌತಮಿ ಹಾಗೂ ನೀರಾವರಿ ಇಲಾಖೆಯ ಅಧಿಕಾರಿಗಳು ಸ್ಥಳಕ್ಕೆ ಭೇಟಿ ನೀಡಿ ಪರಿಶೀಲನೆ ನಡೆಸಿದರು. ಕೊನೆಯ ಭಾಗದ ಗ್ರಾಮಗಳಿಗೆ ತಕ್ಷಣ ನೀರು ಹರಿಸುವಂತೆ ಸೂಚಿಸಿದರು. ಈ ಸಂದರ್ಭದಲ್ಲಿ ಕೆ.ಸೂಗೂರು, ರಾರಾವಿ, ಬಂಡ್ರಾಳು ಗ್ರಾಮಗಳ ರೈತರು, ಮುಖಂಡರು ಮತ್ತು ಗ್ರಾಮಸ್ಥರು ಹೆಚ್ಚಿನ ಸಂಖ್ಯೆಯಲ್ಲಿ ಉಪಸ್ಥಿತರಿದ್ದರು.
ವಿ.ವಿ.ಸಂಘದ ಅಲ್ಲಂ ಸುಮಂಗಳಮ್ಮ ಮಹಿಳಾ ಕಾಲೇಜಿನ ಸುವರ್ಣ ಮಹೋತ್ಸವ ಸಂಭ್ರಮ
ಬಳ್ಳಾರಿ: ನಗರದ ಗಾಂಧಿನಗರದಲ್ಲಿರುವ ವೀರಶೈವ ವಿದ್ಯಾವರ್ಧಕ ಸಂಘದ ಶ್ರೀಮತಿ ಅಲ್ಲಂ ಸುಮಂಗಳಮ್ಮ ಸ್ಮಾರಕ ಮಹಿಳಾ ಮಹಾವಿದ್ಯಾಲಯವು 50 ವರ್ಷಗಳ ಶೈಕ್ಷಣಿಕ ಸೇವೆಯನ್ನು ಪೂರ್ಣಗೊಳಿಸಿರುವ ಹಿನ್ನೆಲೆಯಲ್ಲಿ ಸೆ.20ರಿಂದ 22ರವರೆಗೆ ಮೂರು ದಿನಗಳ ಕಾಲ ಸುವರ್ಣ ಮಹೋತ್ಸವ ಕಾರ್ಯಕ್ರಮವನ್ನು ಅದ್ದೂರಿಯಾಗಿ ಆಯೋಜಿಸಲಾಗಿದೆ ಎಂದು ಕಾಲೇಜಿನ ಆಡಳಿತ ಮಂಡಳಿಯ ಕಾರ್ಯದರ್ಶಿ ತಿಳಿಸಿದರು. ನಗರದ ಕಾಲೇಜಿನಲ್ಲಿ ಶುಕ್ರವಾರ ನಡೆದ ಸುದ್ದಿಗೋಷ್ಠಿಯಲ್ಲಿ ಮಾತನಾಡಿದರು. 1969ರಲ್ಲಿ ಕೇವಲ 164 ವಿದ್ಯಾರ್ಥಿನಿಯರೊಂದಿಗೆ ಆರಂಭಗೊಂಡ ಈ ಶಿಕ್ಷಣ ಸಂಸ್ಥೆ ಐದು ದಶಕಗಳ ಅವಧಿಯಲ್ಲಿ ಸಾವಿರಾರು ಮಹಿಳೆಯರಿಗೆ ಉನ್ನತ ಶಿಕ್ಷಣ ನೀಡುವ ಮೂಲಕ ಶೈಕ್ಷಣಿಕ ಕ್ಷೇತ್ರದಲ್ಲಿ ತನ್ನದೇ ಆದ ಛಾಪು ಮೂಡಿಸಿದೆ. ಸಂಸ್ಥೆಯ 50 ವರ್ಷಗಳ ಶೈಕ್ಷಣಿಕ ಪಯಣವನ್ನು ಸ್ಮರಿಸುವ ಉದ್ದೇಶದಿಂದ ಧಾರ್ಮಿಕ, ಶೈಕ್ಷಣಿಕ, ಸಾಂಸ್ಕೃತಿಕ ಹಾಗೂ ಸಾಹಿತ್ಯಿಕ ಕಾರ್ಯಕ್ರಮಗಳನ್ನು ಒಳಗೊಂಡ ಸುವರ್ಣ ಮಹೋತ್ಸವ ಆಚರಿಸಲಾಗುತ್ತಿದೆ ಎಂದರು. ಸೆ.20ರಂದು ಬೆಳಗ್ಗೆ 7 ಗಂಟೆಗೆ ನಗರದ ಬಸವ ಭವನದಿಂದ ವಿದ್ಯಾರ್ಥಿನಿಯರು ಹಾಗೂ ವಿವಿಧ ಸಾಂಸ್ಕೃತಿಕ ಕಲಾತಂಡಗಳನ್ನು ಒಳಗೊಂಡ ಭವ್ಯ ಸುವರ್ಣ ಮಹೋತ್ಸವ ಮೆರವಣಿಗೆ ನಡೆಯಲಿದೆ. ಮೆರವಣಿಗೆಯು
ದುರ್ಗಮ್ಮ ಗುಡಿ ರಸ್ತೆಯ ಮೂಲಕ ಸಾಗಿ ಕಾಲೇಜಿನ ಆವರಣ ತಲುಪಲಿದೆ. ಸೆ.21ರಂದು ಬೆಳಗ್ಗೆ 10 ಗಂಟೆಗೆ ಉಜ್ಜಯಿನಿ ಪೀಠದ ಶ್ರೀ ಶ್ರೀ ಶ್ರೀ 1008 ಜಗದ್ಗುರು ಸಿದ್ಧಲಿಂಗ ರಾಜದೇಶಿಕೇಂದ್ರ ಶಿವಾಚಾರ್ಯ ಭಗವತ್ಪಾದ ಮಹಾಸ್ವಾಮಿಗಳ ದಿವ್ಯ ಸಾನಿಧ್ಯದಲ್ಲಿ ಹಾಗೂ ಎಮ್ಮಿಗನೂರಿನ ಶ್ರೀ ಗುರು ವಾಮದೇವ ಮಹಾಂತ ಮಠದ ಶ್ರೀ ಗುರು ವಾಮದೇವ ಮಹಾಂತ ಶಿವಾಚಾರ್ಯ ಮಹಾಸ್ವಾಮಿಗಳ ನೇತೃತ್ವದಲ್ಲಿ ಸುವರ್ಣ ಮಹೋತ್ಸವದ ಅಧಿಕೃತ ಉದ್ಘಾಟನೆ ನಡೆಯಲಿದೆ. ಬಳ್ಳಾರಿ ಲೋಕಸಭಾ ಸದಸ್ಯ ಇ. ತುಕಾರಾಂ ಉದ್ಘಾಟಿಸಲಿದ್ದು, ವೀರಶೈವ ವಿದ್ಯಾವರ್ಧಕ ಸಂಘದ ಅಧ್ಯಕ್ಷ ಡಾ. ಅರವಿಂದ ಪಟೇಲ್ ಅಧ್ಯಕ್ಷತೆ ವಹಿಸಲಿದ್ದಾರೆ. ಕರ್ನಾಟಕ ರಾಜ್ಯ ಅಕ್ಕಮಹಾದೇವಿ ಮಹಿಳಾ ವಿಶ್ವವಿದ್ಯಾಲಯದ ಕುಲಪತಿ ಪ್ರೊ. ಬಿ.ಕೆ. ತುಳಸಿಮಾಲ, ಬೆಂಗಳೂರಿನ ಶಿಕ್ಷಣ ಇಲಾಖೆ ಅಧಿಕಾರಿಗಳು ಮಕ್ಕಳ ಹೃದ್ರೋಗ ತಜ್ಞ ಡಾ. ವಿಜಯಲಕ್ಷ್ಮಿ ಬಾಳೇಕುಂದ್ರಿ, ಬಳ್ಳಾರಿ ಮಹಾನಗರ ಪಾಲಿಕೆ ಮಹಾಪೌರ ಪಿ.ಗಾದೆಪ್ಪ, ವಿಧಾನ ಪರಿಷತ್ ಸದಸ್ಯರಾದ ವೈ.ಎಂ. ಸತೀಶ್ ಹಾಗೂ ಶಶೀಲ್ ಜಿ. ನಮೋಶಿ, ಹರಪನಹಳ್ಳಿ ಶಾಸಕಿ ಎಂ.ಪಿ. ಲತಾ ಮಲ್ಲಿಕಾರ್ಜುನ ಹಾಗೂ ಕೆಂಗಲ್ ವೀರಭದ್ರಪ್ಪ, ಬಳ್ಳಾರಿ ವಿಶ್ವವಿದ್ಯಾಲಯದ ಕುಲಪತಿ ಹಾಗೂ ಮುಖ್ಯ ಅತಿಥಿಗಳಾಗಿ ಭಾಗವಹಿಸಲಿದ್ದಾರೆ. ಇದೇ ಸಂದರ್ಭದಲ್ಲಿ ಅಲ್ಲಂ ವೀರಭದ್ರಪ್ಪ ಹಾಗೂ ಅಲ್ಲಂ ಸುಮಂಗಳಮ್ಮ ಅವರ ಸ್ಮರಣಾರ್ಥ ಕಾಲೇಜಿನ 50
ವರ್ಷಗಳ ಪಯಣವನ್ನು ಬಿಂಬಿಸುವ 'ಸುವರ್ಣ ಸಿರಿ' ಸ್ಮರಣ ಸಂಚಿಕೆ ಬಿಡುಗಡೆಗೊಳ್ಳಲಿದೆ. ಅಂದು ಸಂಜೆ 4.30ಕ್ಕೆ ಕೆಎಲ್‌ಇ ಸಂಸ್ಥೆ ಹಾಗೂ ಹುಬ್ಬಳ್ಳಿ ಕಿಮ್ಸ್ ಮಾಜಿ ನಿರ್ದೇಶಕ ಡಾ. ಸುಮನ್‌ ಡಿ. ಪಾಟೀಲ್, ಮಹಾನಗರ ಪಾಲಿಕೆ ಆಯುಕ್ತ ಪಿ.ಎಸ್. ಮಂಜುನಾಥ್ ಹಾಗೂ ಉದ್ಯಮಿ ಗಾಲಿ ಲಕ್ಷ್ಮಿ ಅರುಣಾ ಜನಾರ್ದನ ರೆಡ್ಡಿ ಸೇರಿದಂತೆ ಗಣ್ಯರು ಭಾಗವಹಿಸಲಿದ್ದಾರೆ. ಕಾಲೇಜಿನ ಹಳೆಯ ವಿದ್ಯಾರ್ಥಿನಿಯರಿಂದ ನೃತ್ಯ ಹಾಗೂ ಗಾಯನ ಕಾರ್ಯಕ್ರಮ ನಡೆಯಲಿದ್ದು, ಬೆಂಗಳೂರಿನ ರಾಮಚಂದ್ರ ಜಿ. ಹಡಪದ್ ಕಲಾತಂಡದಿಂದ 'ಗಾಯನ ಸಿರಿ' ವಿಶೇಷ ಕಾರ್ಯಕ್ರಮ ನಡೆಯಲಿದೆ. ಸೆ.22ರಂದು ಬೆಳಗ್ಗೆ 10 ಗಂಟೆಗೆ ಹಂಪಿ ಹೇಮಕೂಟ ಶೂನ್ಯ ಸಿಂಹಾಸನಾಧೀಶ್ವರ ಸಂಸ್ಥಾನ ಮಠದ ಶ್ರೀ ಮ.ನಿ.ಪ್ರ. ಜಗದ್ಗುರು ಕೊಟ್ಟೂರು ಬಸವಲಿಂಗ ಮಹಾಸ್ವಾಮಿಗಳ ದಿವ್ಯ ಸಾನಿಧ್ಯದಲ್ಲಿ ಗುರುವಂದನಾ ಕಾರ್ಯಕ್ರಮ ನಡೆಯಲಿದೆ. ಪರಮಪೂಜ್ಯ ಡಾ. ಮಹೇಶ್ವರ ಮಹಾಸ್ವಾಮಿಗಳು ಹಾಗೂ ಮ.ನಿ.ಪ್ರ. ಕಲ್ಯಾಣ ಮಹಾಸ್ವಾಮಿಗಳು ಭಾಗವಹಿಸಲಿದ್ದಾರೆ. ನಿವೃತ್ತ ಪ್ರಾಂಶುಪಾಲ ಪಿ. ಗುರುಬಸಪ್ಪ ಅಧ್ಯಕ್ಷತೆ ವಹಿಸಲಿದ್ದಾರೆ. ಮಾಜಿ ಶಾಸಕ ಜೆ.ಸೋಮಶೇಖರ ರೆಡ್ಡಿ, ಕಾಲೇಜು ಶಿಕ್ಷಣ ಇಲಾಖೆಯ ಜಂಟಿ ನಿರ್ದೇಶಕ ಡಾ. ಡಾಕಪ್ಪ ಹಾಗೂ ಕಾಲೇಜು ಶಿಕ್ಷಣ ಇಲಾಖೆಯ ಉಪನಿರ್ದೇಶಕ ಡಾ. ಎಂ.ಸಿ. ಯರ್ರಿಸ್ವಾಮಿ ಮುಖ್ಯ ಅತಿಥಿಗಳಾಗಿ ಭಾಗವಹಿಸಲಿದ್ದಾರೆ. ಕರ್ನಾಟಕ ಸಾಹಿತ್ಯ ಅಕಾಡೆಮಿ
ಸದಸ್ಯೆ ಡಾ. ಮೈತ್ರೇಯಿಣಿ ಗದಿಗೆಪ್ಪಗೌಡರ ವಿಶೇಷ ಉಪನ್ಯಾಸ ನೀಡಲಿದ್ದಾರೆ. ಅಂದು ಸಂಜೆ 4.30ಕ್ಕೆ ವೀರಶೈವ ವಿದ್ಯಾವರ್ಧಕ ಸಂಘದ ಅಧ್ಯಕ್ಷ ಡಾ. ಕಣೇಕಲ್ ಮಹಾಂತೇಶ್ ಅಧ್ಯಕ್ಷತೆಯಲ್ಲಿ ಸಮಾರೋಪ ಸಮಾರಂಭ ನಡೆಯಲಿದೆ. ಬಳ್ಳಾರಿ ನಗರ ಶಾಸಕ ನಾರಾ ಭರತ್ ರೆಡ್ಡಿ ಗೌರವಾನ್ವಿತ ಅತಿಥಿಯಾಗಿ, ಬಳ್ಳಾರಿ ಗ್ರಾಮೀಣ ಶಾಸಕ ಬಿ. ನಾಗೇಂದ್ರ, ಬಳ್ಳಾರಿ ವೈದ್ಯಕೀಯ ಮಹಾವಿದ್ಯಾಲಯ ಮತ್ತು ಸಂಶೋಧನಾ ಕೇಂದ್ರದ ನಿರ್ದೇಶಕ ಡಾ. ಗಂಗಾಧರಗೌಡ, ಮಾಜಿ ಸಚಿವ ಬಿ. ಶ್ರೀರಾಮುಲು, ಪ್ರಾಚಾರ್ಯ ಡಾ. ಎಸ್. ನಾಗರಾಜ ಮುಖ್ಯ ಅತಿಥಿಗಳಾಗಿ ಭಾಗವಹಿಸಲಿದ್ದಾರೆ. ಮೂರು ದಿನಗಳ ಕಾಲ ವಿದ್ಯಾರ್ಥಿನಿಯರು ಹಾಗೂ ಹಳೆಯ ವಿದ್ಯಾರ್ಥಿನಿಯರಿಂದ ಸಂಗೀತ, ನೃತ್ಯ, ನಾಟಕ ಸೇರಿದಂತೆ ವಿವಿಧ ಸಾಂಸ್ಕೃತಿಕ ಕಾರ್ಯಕ್ರಮಗಳು ನಡೆಯಲಿವೆ. ಐದು ದಶಕಗಳ ಶೈಕ್ಷಣಿಕ ಸೇವೆಯನ್ನು ಸ್ಮರಿಸುವ ಈ ಸುವರ್ಣ ಮಹೋತ್ಸವ ಕಾರ್ಯಕ್ರಮಕ್ಕೆ ವೀರಶೈವ ವಿದ್ಯಾವರ್ಧಕ ಸಂಘದ ಪದಾಧಿಕಾರಿಗಳು, ಕಾರ್ಯಕಾರಿ ಸಮಿತಿ ಸದಸ್ಯರು, ಕಾಲೇಜು ಆಡಳಿತ ಮಂಡಳಿ, ಬೋಧಕ ಹಾಗೂ ಬೋಧಕೇತರ ಸಿಬ್ಬಂದಿ ಮತ್ತು ವಿದ್ಯಾರ್ಥಿನಿಯರು ಸಕಲ ಸಿದ್ಧತೆ ನಡೆಸಿದ್ದಾರೆ. ಸಾರ್ವಜನಿಕರು, ಹಳೆಯ ವಿದ್ಯಾರ್ಥಿನಿಯರು ಹಾಗೂ ಶಿಕ್ಷಣಾಭಿಮಾನಿಗಳು ಹೆಚ್ಚಿನ ಸಂಖ್ಯೆಯಲ್ಲಿ ಭಾಗವಹಿಸಿ ಕಾರ್ಯಕ್ರಮವನ್ನು ಯಶಸ್ವಿಗೊಳಿಸುವಂತೆ ಅವರು ಮನವಿ ಮಾಡಿದರು. ಸುದ್ದಿಗೋಷ್ಠಿಯಲ್ಲಿ ಮೇಟಿ ಪಂಪಾಪತಿ, ಸಹ ಕಾರ್ಯದರ್ಶಿ ಬೈಲುವದ್ದಿಗೇರಿ ಎರ್ರಿಸ್ವಾಮಿ, ಜೆ.ಎಂ. ವೃಷಭೇಂದ್ರ, ಡಾ. ಜೆ. ಗೋವಿಂದರಾಜು, ಡಾ. ದೂಪದ ಸತೀಶ್ ಸೇರಿದಂತೆ ಮತ್ತಿತರರು ಉಪಸ್ಥಿತರಿದ್ದರು.
Publisher and Owned by CHANDRAKANTA From Near Durgamma Temple Dyampur, Koppal District- 583232 Printed at VINAYA Printers,
VINAYA Publication Word No.01 Ballary Pootwer, Bhagynagar, Koppal- 583238, Editor : CHANDRAKANTA enammadhruthinews@gmail.com
